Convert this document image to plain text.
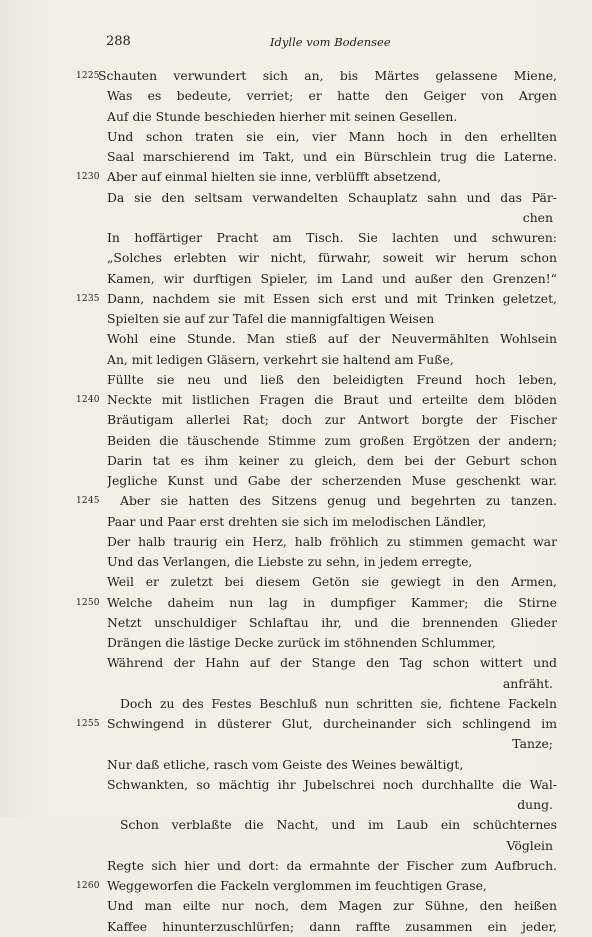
288	Idylle vom Bodensee
1225
Schauten verwundert sich an, bis Märtes gelassene Miene,
Was es bedeute, verriet; er hatte den Geiger von Argen
Auf die Stunde beschieden hierher mit seinen Gesellen.
Und schon traten sie ein, vier Mann hoch in den erhellten
Saal marschierend im Takt, und ein Bürschlein trug die Laterne.
1230 Aber auf einmal hielten sie inne, verblüfft absetzend,
Da sie den seltsam verwandelten Schauplatz sahn und das Pär-
chen
In hoffärtiger Pracht am Tisch. Sie lachten und schwuren:
„Solches erlebten wir nicht, fürwahr, soweit wir herum schon
Kamen, wir durftigen Spieler, im Land und außer den Grenzen!“
1235 Dann, nachdem sie mit Essen sich erst und mit Trinken geletzet,
Spielten sie auf zur Tafel die mannigfaltigen Weisen
Wohl eine Stunde. Man stieß auf der Neuvermählten Wohlsein
An, mit ledigen Gläsern, verkehrt sie haltend am Fuße,
Füllte sie neu und ließ den beleidigten Freund hoch leben,
1240 Neckte mit listlichen Fragen die Braut und erteilte dem blöden
Bräutigam allerlei Rat; doch zur Antwort borgte der Fischer
Beiden die täuschende Stimme zum großen Ergötzen der andern;
Darin tat es ihm keiner zu gleich, dem bei der Geburt schon
Jegliche Kunst und Gabe der scherzenden Muse geschenkt war.
1245 Aber sie hatten des Sitzens genug und begehrten zu tanzen.
Paar und Paar erst drehten sie sich im melodischen Ländler,
Der halb traurig ein Herz, halb fröhlich zu stimmen gemacht war
Und das Verlangen, die Liebste zu sehn, in jedem erregte,
Weil er zuletzt bei diesem Getön sie gewiegt in den Armen,
1250 Welche daheim nun lag in dumpfiger Kammer; die Stirne
Netzt unschuldiger Schlaftau ihr, und die brennenden Glieder
Drängen die lästige Decke zurück im stöhnenden Schlummer,
Während der Hahn auf der Stange den Tag schon wittert und
anfräht.
Doch zu des Festes Beschluß nun schritten sie, fichtene Fackeln
1255 Schwingend in düsterer Glut, durcheinander sich schlingend im
Tanze;
Nur daß etliche, rasch vom Geiste des Weines bewältigt,
Schwankten, so mächtig ihr Jubelschrei noch durchhallte die Wal-
dung.
Schon verblaßte die Nacht, und im Laub ein schüchternes
Vöglein
Regte sich hier und dort: da ermahnte der Fischer zum Aufbruch.
1260 Weggeworfen die Fackeln verglommen im feuchtigen Grase,
Und man eilte nur noch, dem Magen zur Sühne, den heißen
Kaffee hinunterzuschlürfen; dann raffte zusammen ein jeder,
